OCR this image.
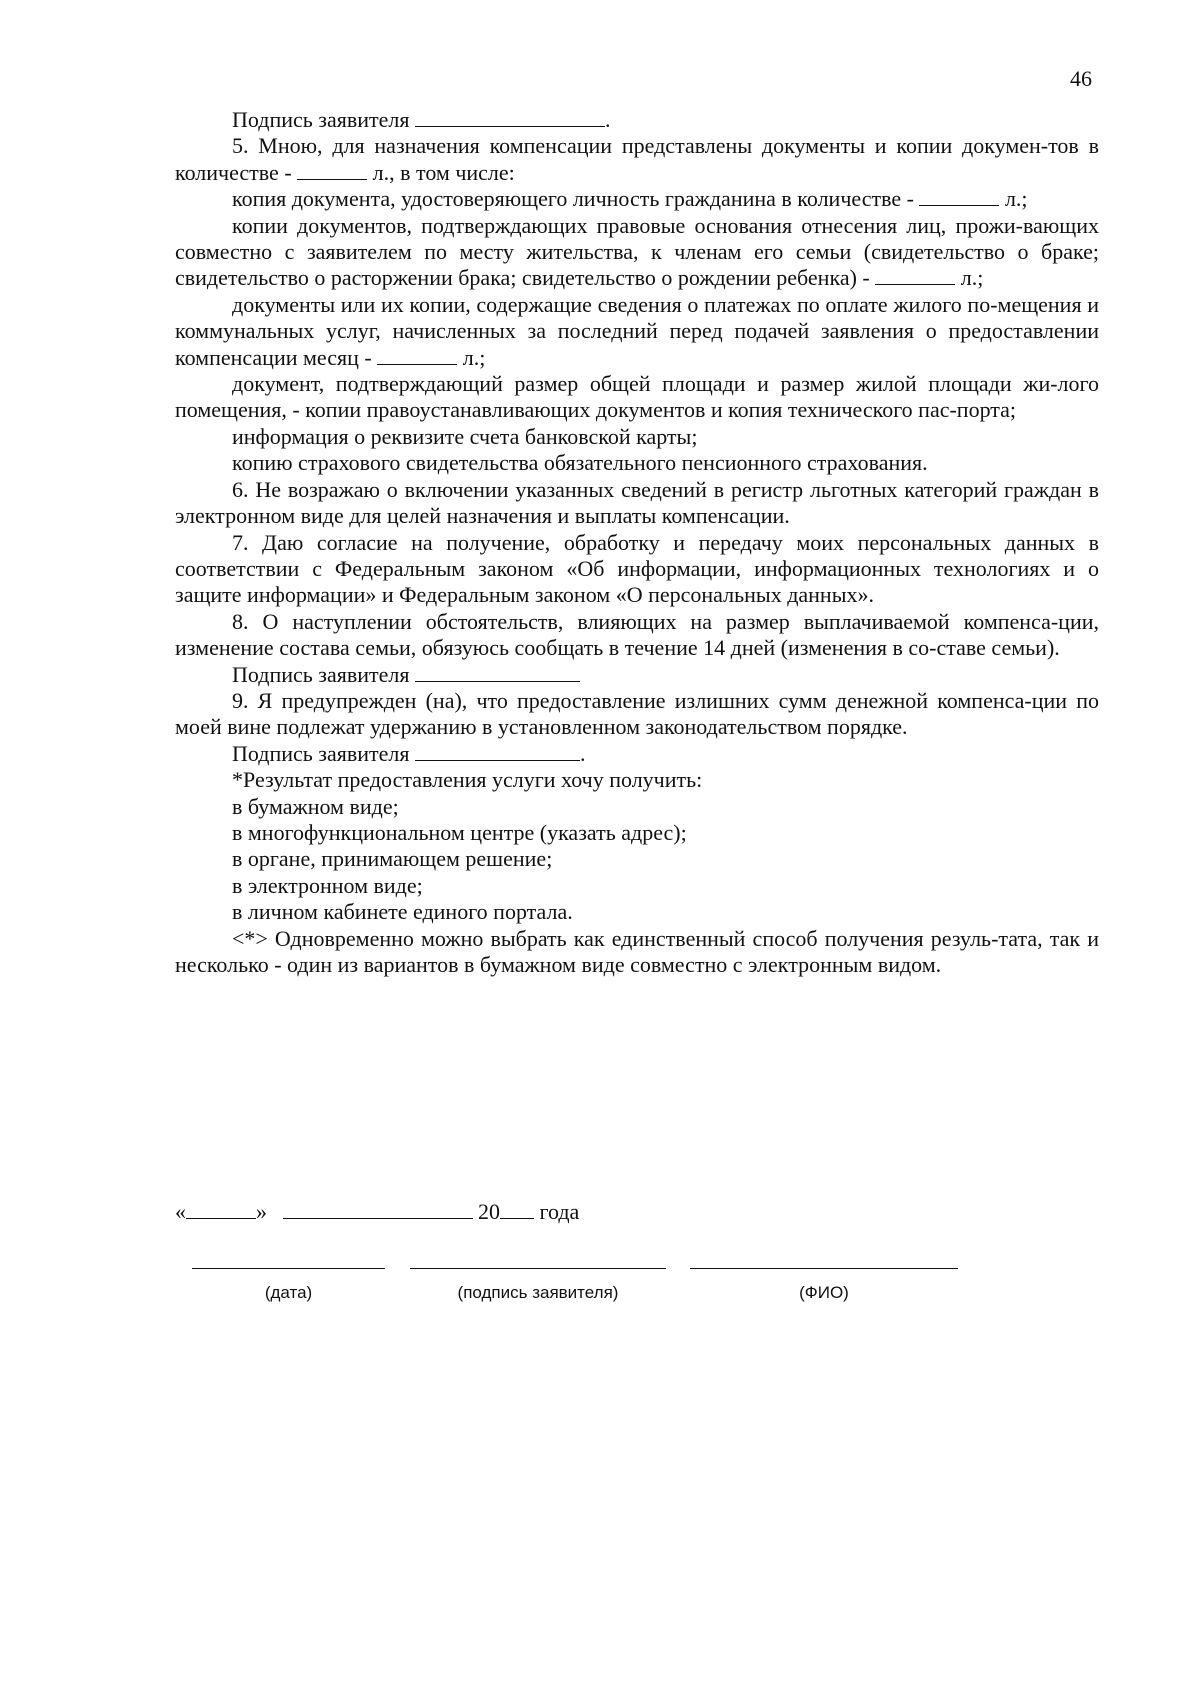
46

Подпись заявителя	.

5. Мною, для назначения компенсации представлены документы и копии докумен-тов в количестве -	л., в том числе:

копия документа, удостоверяющего личность гражданина в количестве -	л.;

копии документов, подтверждающих правовые основания отнесения лиц, прожи-вающих совместно с заявителем по месту жительства, к членам его семьи (свидетельство о браке; свидетельство о расторжении брака; свидетельство о рождении ребенка) -	л.;

документы или их копии, содержащие сведения о платежах по оплате жилого по-мещения и коммунальных услуг, начисленных за последний перед подачей заявления о предоставлении компенсации месяц -	л.;

документ, подтверждающий размер общей площади и размер жилой площади жи-лого помещения, - копии правоустанавливающих документов и копия технического пас-порта;

информация о реквизите счета банковской карты;

копию страхового свидетельства обязательного пенсионного страхования.

6. Не возражаю о включении указанных сведений в регистр льготных категорий граждан в электронном виде для целей назначения и выплаты компенсации.

7. Даю согласие на получение, обработку и передачу моих персональных данных в соответствии с Федеральным законом «Об информации, информационных технологиях и о защите информации» и Федеральным законом «О персональных данных».

8. О наступлении обстоятельств, влияющих на размер выплачиваемой компенса-ции, изменение состава семьи, обязуюсь сообщать в течение 14 дней (изменения в со-ставе семьи).

Подпись заявителя

9. Я предупрежден (на), что предоставление излишних сумм денежной компенса-ции по моей вине подлежат удержанию в установленном законодательством порядке.

Подпись заявителя	.

*Результат предоставления услуги хочу получить:

в бумажном виде;

в многофункциональном центре (указать адрес);

в органе, принимающем решение;

в электронном виде;

в личном кабинете единого портала.

<*> Одновременно можно выбрать как единственный способ получения резуль-тата, так и несколько - один из вариантов в бумажном виде совместно с электронным видом.

«	»	20 года
(дата)	(подпись заявителя)	(ФИО)
